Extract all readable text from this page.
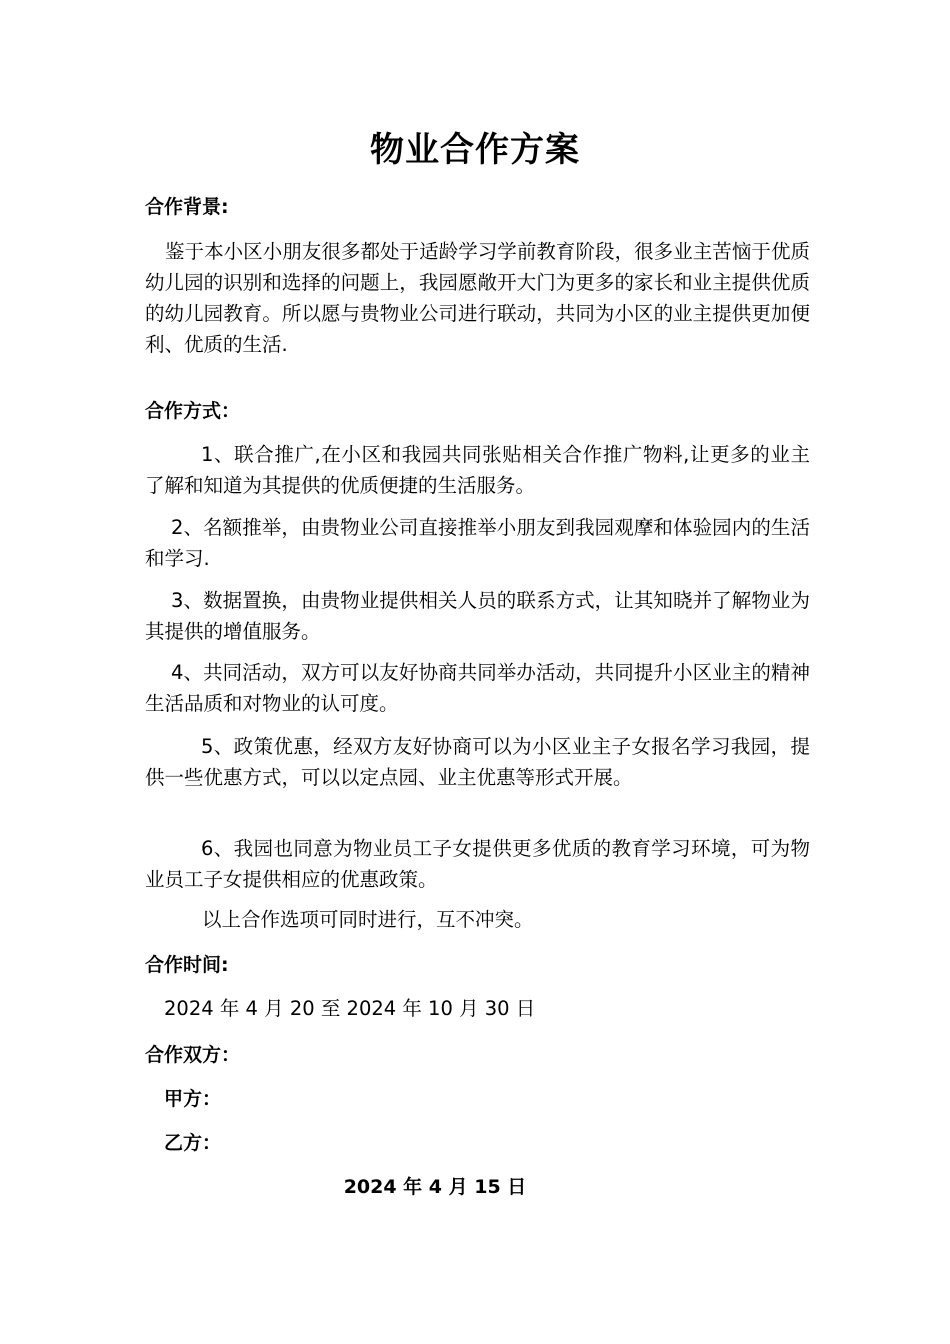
物业合作方案
合作背景:
鉴于本小区小朋友很多都处于适龄学习学前教育阶段，很多业主苦恼于优质幼儿园的识别和选择的问题上，我园愿敞开大门为更多的家长和业主提供优质的幼儿园教育。所以愿与贵物业公司进行联动，共同为小区的业主提供更加便利、优质的生活.
合作方式：
1、联合推广,在小区和我园共同张贴相关合作推广物料,让更多的业主了解和知道为其提供的优质便捷的生活服务。
2、名额推举，由贵物业公司直接推举小朋友到我园观摩和体验园内的生活和学习.
3、数据置换，由贵物业提供相关人员的联系方式，让其知晓并了解物业为其提供的增值服务。
4、共同活动，双方可以友好协商共同举办活动，共同提升小区业主的精神生活品质和对物业的认可度。
5、政策优惠，经双方友好协商可以为小区业主子女报名学习我园，提供一些优惠方式，可以以定点园、业主优惠等形式开展。
6、我园也同意为物业员工子女提供更多优质的教育学习环境，可为物业员工子女提供相应的优惠政策。
以上合作选项可同时进行，互不冲突。
合作时间:
2024 年 4 月 20 至 2024 年 10 月 30 日
合作双方：
甲方：
乙方：
2024 年 4 月 15 日
